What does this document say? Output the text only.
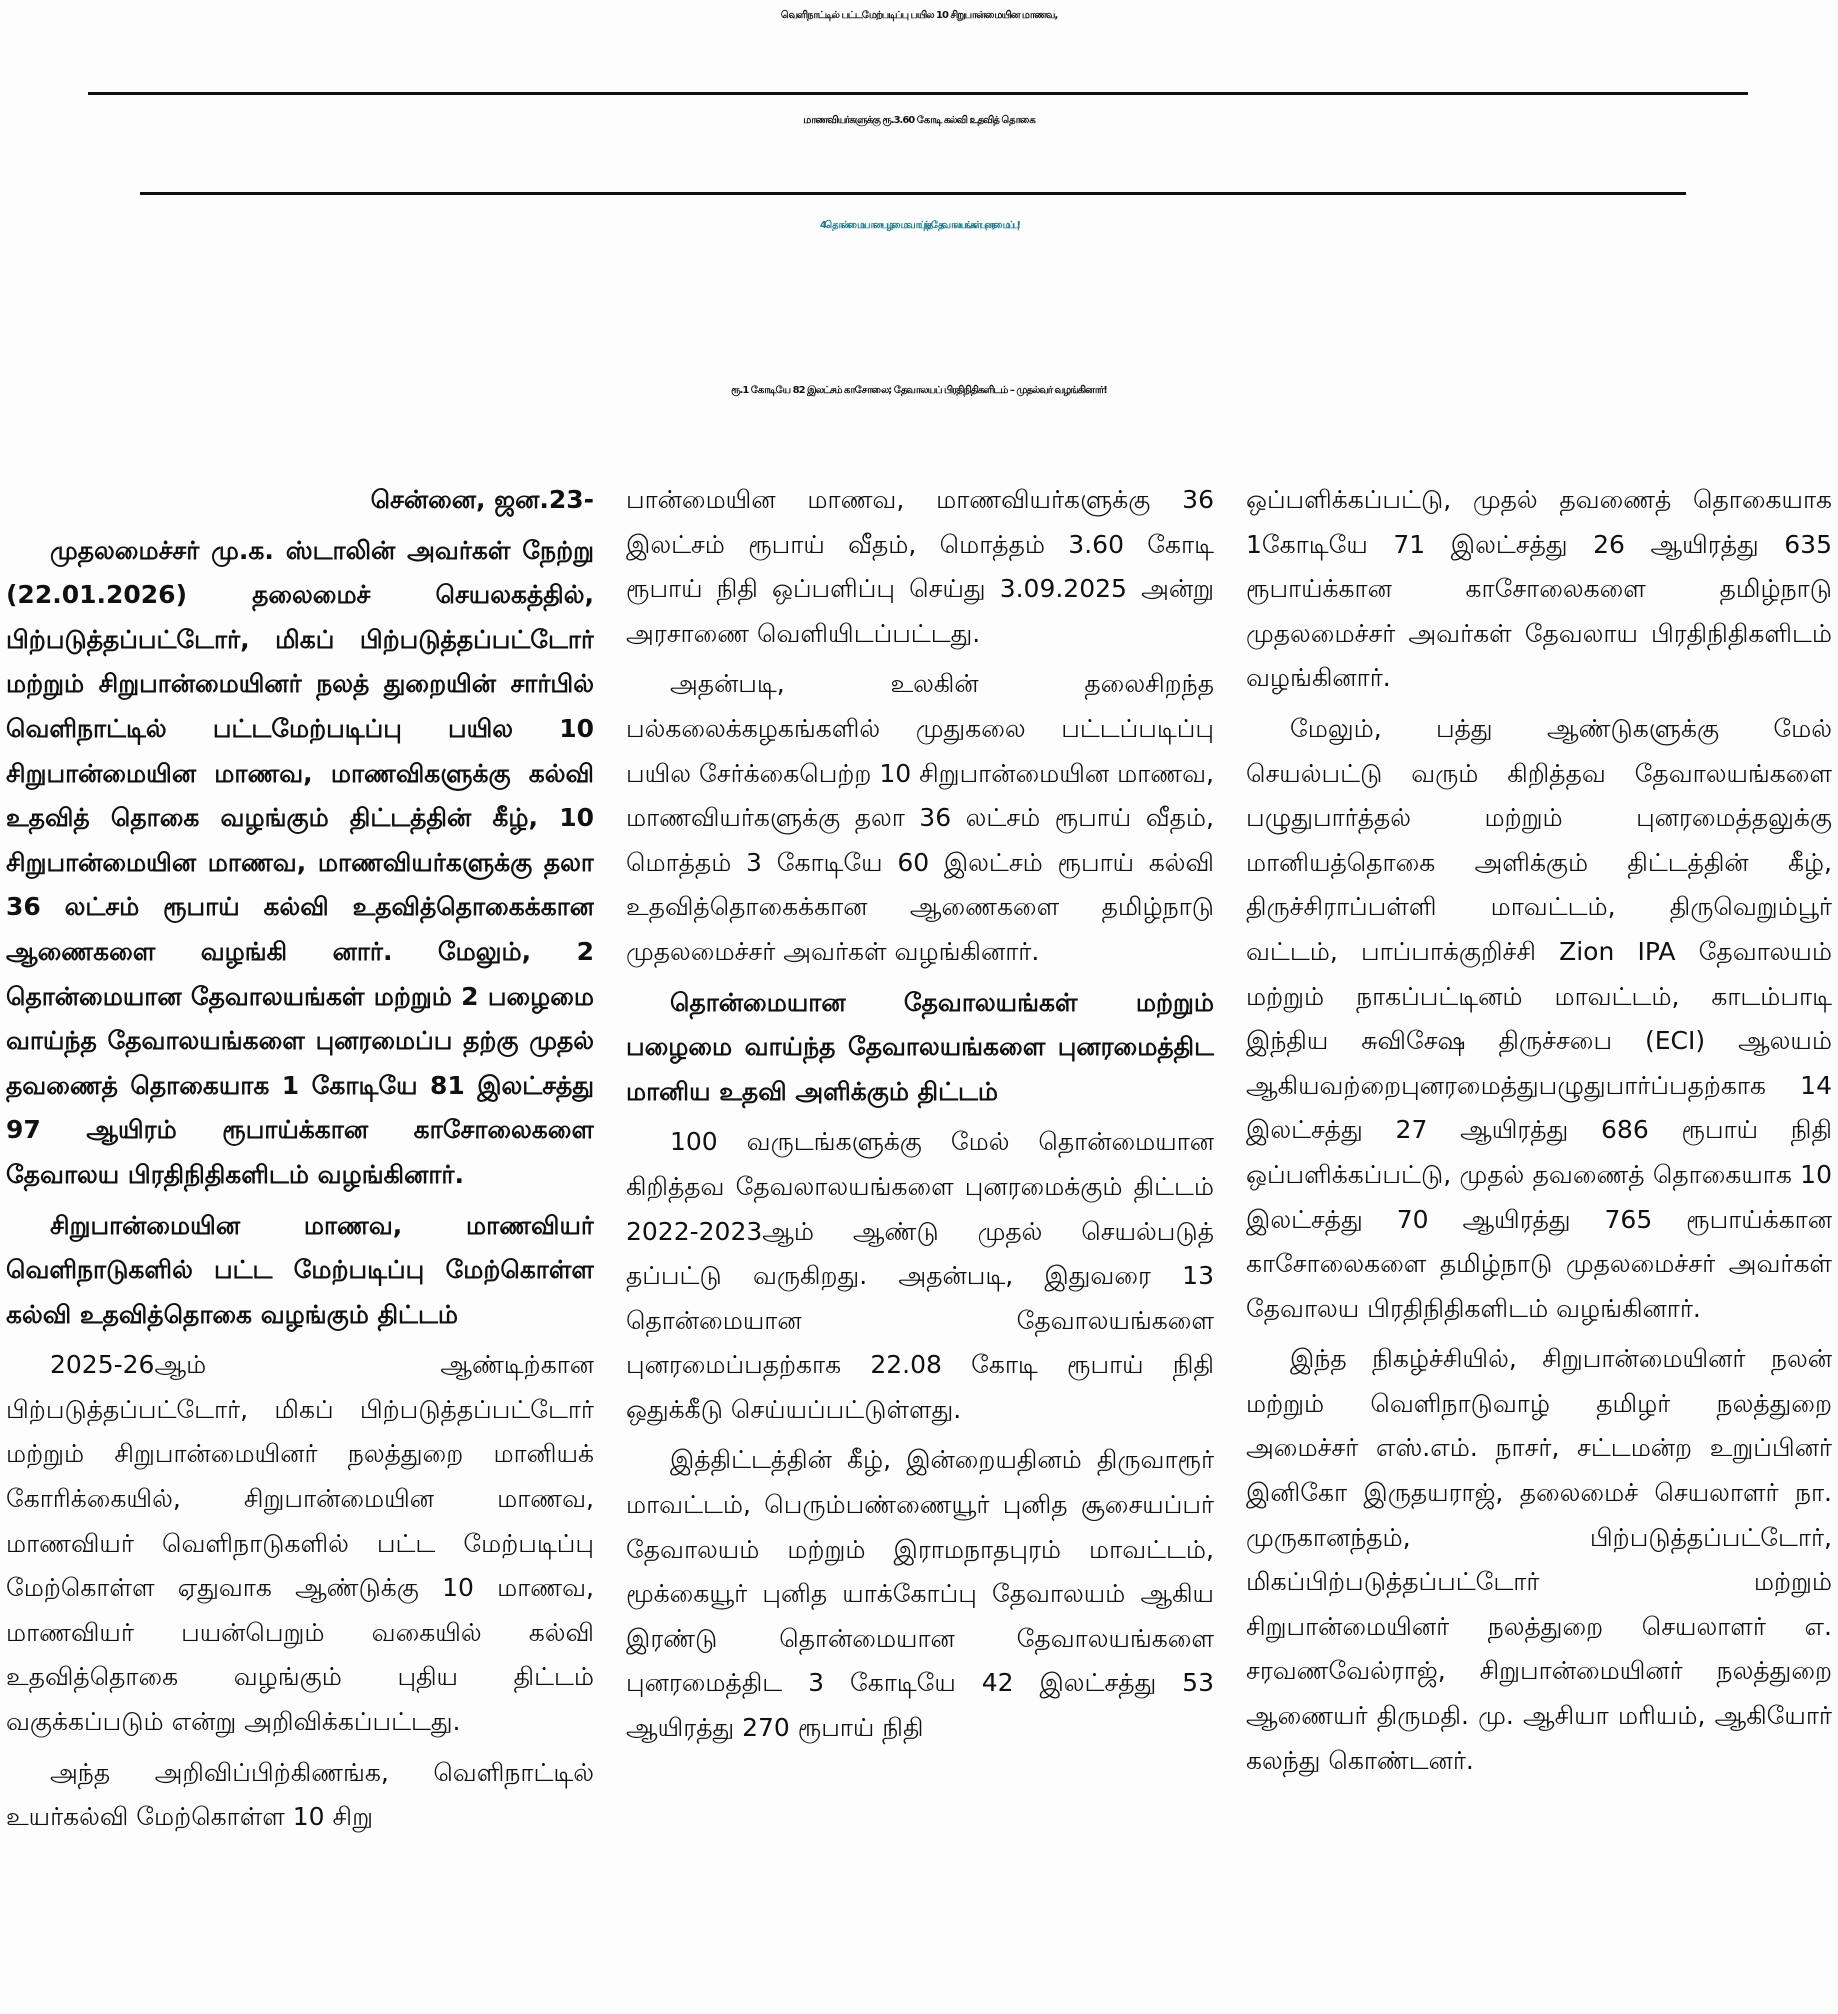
வெளிநாட்டில் பட்டமேற்படிப்பு பயில 10 சிறுபான்மையின மாணவ,
மாணவியர்களுக்கு ரூ.3.60 கோடி கல்வி உதவித் தொகை
4 தொன்மையான - பழமை வாய்ந்த தேவாலயங்கள் புனரமைப்பு!
ரூ.1 கோடியே 82 இலட்சம் காசோலை; தேவாலயப் பிரதிநிதிகளிடம் – முதல்வர் வழங்கினார்!

சென்னை, ஜன.23-

முதலமைச்சர் மு.க. ஸ்டாலின் அவர்கள் நேற்று (22.01.2026) தலைமைச் செயலகத்தில், பிற்படுத்தப்பட்டோர், மிகப் பிற்படுத்தப்பட்டோர் மற்றும் சிறுபான்மையினர் நலத் துறையின் சார்பில் வெளிநாட்டில் பட்டமேற்படிப்பு பயில 10 சிறுபான்மையின மாணவ, மாணவிகளுக்கு கல்வி உதவித் தொகை வழங்கும் திட்டத்தின் கீழ், 10 சிறுபான்மையின மாணவ, மாணவியர்களுக்கு தலா 36 லட்சம் ரூபாய் கல்வி உதவித்தொகைக்கான ஆணைகளை வழங்கி னார். மேலும், 2 தொன்மையான தேவாலயங்கள் மற்றும் 2 பழைமை வாய்ந்த தேவாலயங்களை புனரமைப்ப தற்கு முதல் தவணைத் தொகையாக 1 கோடியே 81 இலட்சத்து 97 ஆயிரம் ரூபாய்க்கான காசோலைகளை தேவாலய பிரதிநிதிகளிடம் வழங்கினார்.

சிறுபான்மையின மாணவ, மாணவியர் வெளிநாடுகளில் பட்ட மேற்படிப்பு மேற்கொள்ள கல்வி உதவித்தொகை வழங்கும் திட்டம்

2025-26ஆம் ஆண்டிற்கான பிற்படுத்தப்பட்டோர், மிகப் பிற்படுத்தப்பட்டோர் மற்றும் சிறுபான்மையினர் நலத்துறை மானியக் கோரிக்கையில், சிறுபான்மையின மாணவ, மாணவியர் வெளிநாடுகளில் பட்ட மேற்படிப்பு மேற்கொள்ள ஏதுவாக ஆண்டுக்கு 10 மாணவ, மாணவியர் பயன்பெறும் வகையில் கல்வி உதவித்தொகை வழங்கும் புதிய திட்டம் வகுக்கப்படும் என்று அறிவிக்கப்பட்டது.

அந்த அறிவிப்பிற்கிணங்க, வெளிநாட்டில் உயர்கல்வி மேற்கொள்ள 10 சிறு

பான்மையின மாணவ, மாணவியர்களுக்கு 36 இலட்சம் ரூபாய் வீதம், மொத்தம் 3.60 கோடி ரூபாய் நிதி ஒப்பளிப்பு செய்து 3.09.2025 அன்று அரசாணை வெளியிடப்பட்டது.

அதன்படி, உலகின் தலைசிறந்த பல்கலைக்கழகங்களில் முதுகலை பட்டப்படிப்பு பயில சேர்க்கைபெற்ற 10 சிறுபான்மையின மாணவ, மாணவியர்களுக்கு தலா 36 லட்சம் ரூபாய் வீதம், மொத்தம் 3 கோடியே 60 இலட்சம் ரூபாய் கல்வி உதவித்தொகைக்கான ஆணைகளை தமிழ்நாடு முதலமைச்சர் அவர்கள் வழங்கினார்.

தொன்மையான தேவாலயங்கள் மற்றும் பழைமை வாய்ந்த தேவாலயங்களை புனரமைத்திட மானிய உதவி அளிக்கும் திட்டம்

100 வருடங்களுக்கு மேல் தொன்மையான கிறித்தவ தேவலாலயங்களை புனரமைக்கும் திட்டம் 2022-2023ஆம் ஆண்டு முதல் செயல்படுத் தப்பட்டு வருகிறது. அதன்படி, இதுவரை 13 தொன்மையான தேவாலயங்களை புனரமைப்பதற்காக 22.08 கோடி ரூபாய் நிதி ஒதுக்கீடு செய்யப்பட்டுள்ளது.

இத்திட்டத்தின் கீழ், இன்றையதினம் திருவாரூர் மாவட்டம், பெரும்பண்ணையூர் புனித சூசையப்பர் தேவாலயம் மற்றும் இராமநாதபுரம் மாவட்டம், மூக்கையூர் புனித யாக்கோப்பு தேவாலயம் ஆகிய இரண்டு தொன்மையான தேவாலயங்களை புனரமைத்திட 3 கோடியே 42 இலட்சத்து 53 ஆயிரத்து 270 ரூபாய் நிதி

ஒப்பளிக்கப்பட்டு, முதல் தவணைத் தொகையாக 1கோடியே 71 இலட்சத்து 26 ஆயிரத்து 635 ரூபாய்க்கான காசோலைகளை தமிழ்நாடு முதலமைச்சர் அவர்கள் தேவலாய பிரதிநிதிகளிடம் வழங்கினார்.

மேலும், பத்து ஆண்டுகளுக்கு மேல் செயல்பட்டு வரும் கிறித்தவ தேவாலயங்களை பழுதுபார்த்தல் மற்றும் புனரமைத்தலுக்கு மானியத்தொகை அளிக்கும் திட்டத்தின் கீழ், திருச்சிராப்பள்ளி மாவட்டம், திருவெறும்பூர் வட்டம், பாப்பாக்குறிச்சி Zion IPA தேவாலயம் மற்றும் நாகப்பட்டினம் மாவட்டம், காடம்பாடி இந்திய சுவிசேஷ திருச்சபை (ECI) ஆலயம் ஆகியவற்றைபுனரமைத்துபழுதுபார்ப்பதற்காக 14 இலட்சத்து 27 ஆயிரத்து 686 ரூபாய் நிதி ஒப்பளிக்கப்பட்டு, முதல் தவணைத் தொகையாக 10 இலட்சத்து 70 ஆயிரத்து 765 ரூபாய்க்கான காசோலைகளை தமிழ்நாடு முதலமைச்சர் அவர்கள் தேவாலய பிரதிநிதிகளிடம் வழங்கினார்.

இந்த நிகழ்ச்சியில், சிறுபான்மையினர் நலன் மற்றும் வெளிநாடுவாழ் தமிழர் நலத்துறை அமைச்சர் எஸ்.எம். நாசர், சட்டமன்ற உறுப்பினர் இனிகோ இருதயராஜ், தலைமைச் செயலாளர் நா. முருகானந்தம், பிற்படுத்தப்பட்டோர், மிகப்பிற்படுத்தப்பட்டோர் மற்றும் சிறுபான்மையினர் நலத்துறை செயலாளர் எ. சரவணவேல்ராஜ், சிறுபான்மையினர் நலத்துறை ஆணையர் திருமதி. மு. ஆசியா மரியம், ஆகியோர் கலந்து கொண்டனர்.
